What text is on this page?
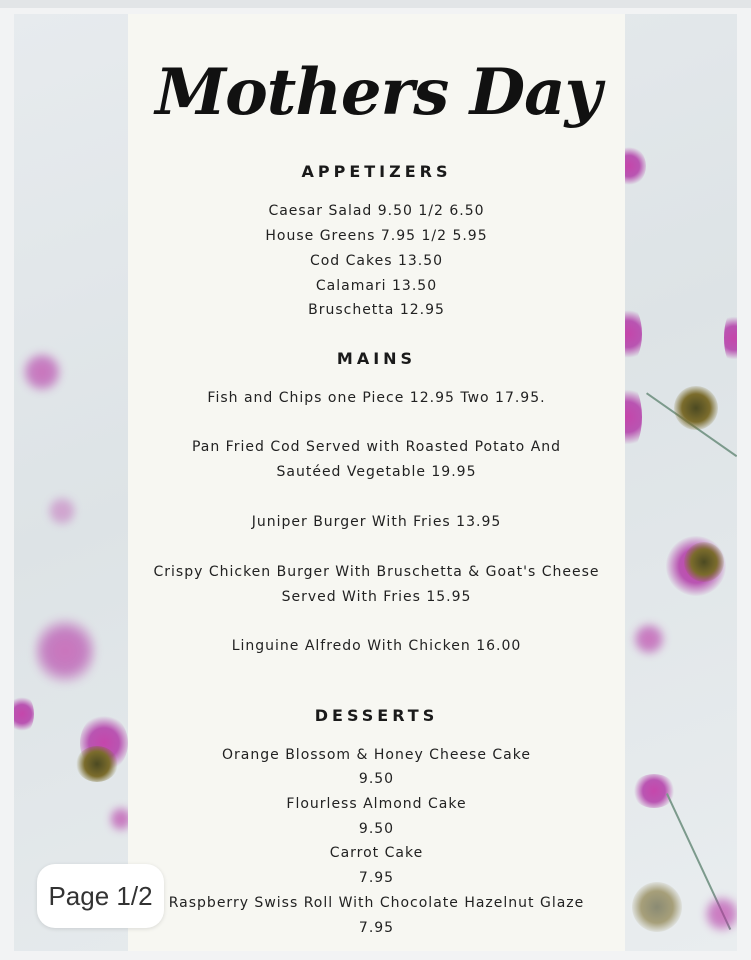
Mothers Day
APPETIZERS
Caesar Salad 9.50 1/2 6.50
House Greens 7.95 1/2 5.95
Cod Cakes 13.50
Calamari 13.50
Bruschetta 12.95
MAINS
Fish and Chips one Piece 12.95 Two 17.95.
Pan Fried Cod Served with Roasted Potato And
Sautéed Vegetable 19.95
Juniper Burger With Fries 13.95
Crispy Chicken Burger With Bruschetta & Goat's Cheese
Served With Fries 15.95
Linguine Alfredo With Chicken 16.00
DESSERTS
Orange Blossom & Honey Cheese Cake
9.50
Flourless Almond Cake
9.50
Carrot Cake
7.95
Raspberry Swiss Roll With Chocolate Hazelnut Glaze
7.95
Page 1/2
